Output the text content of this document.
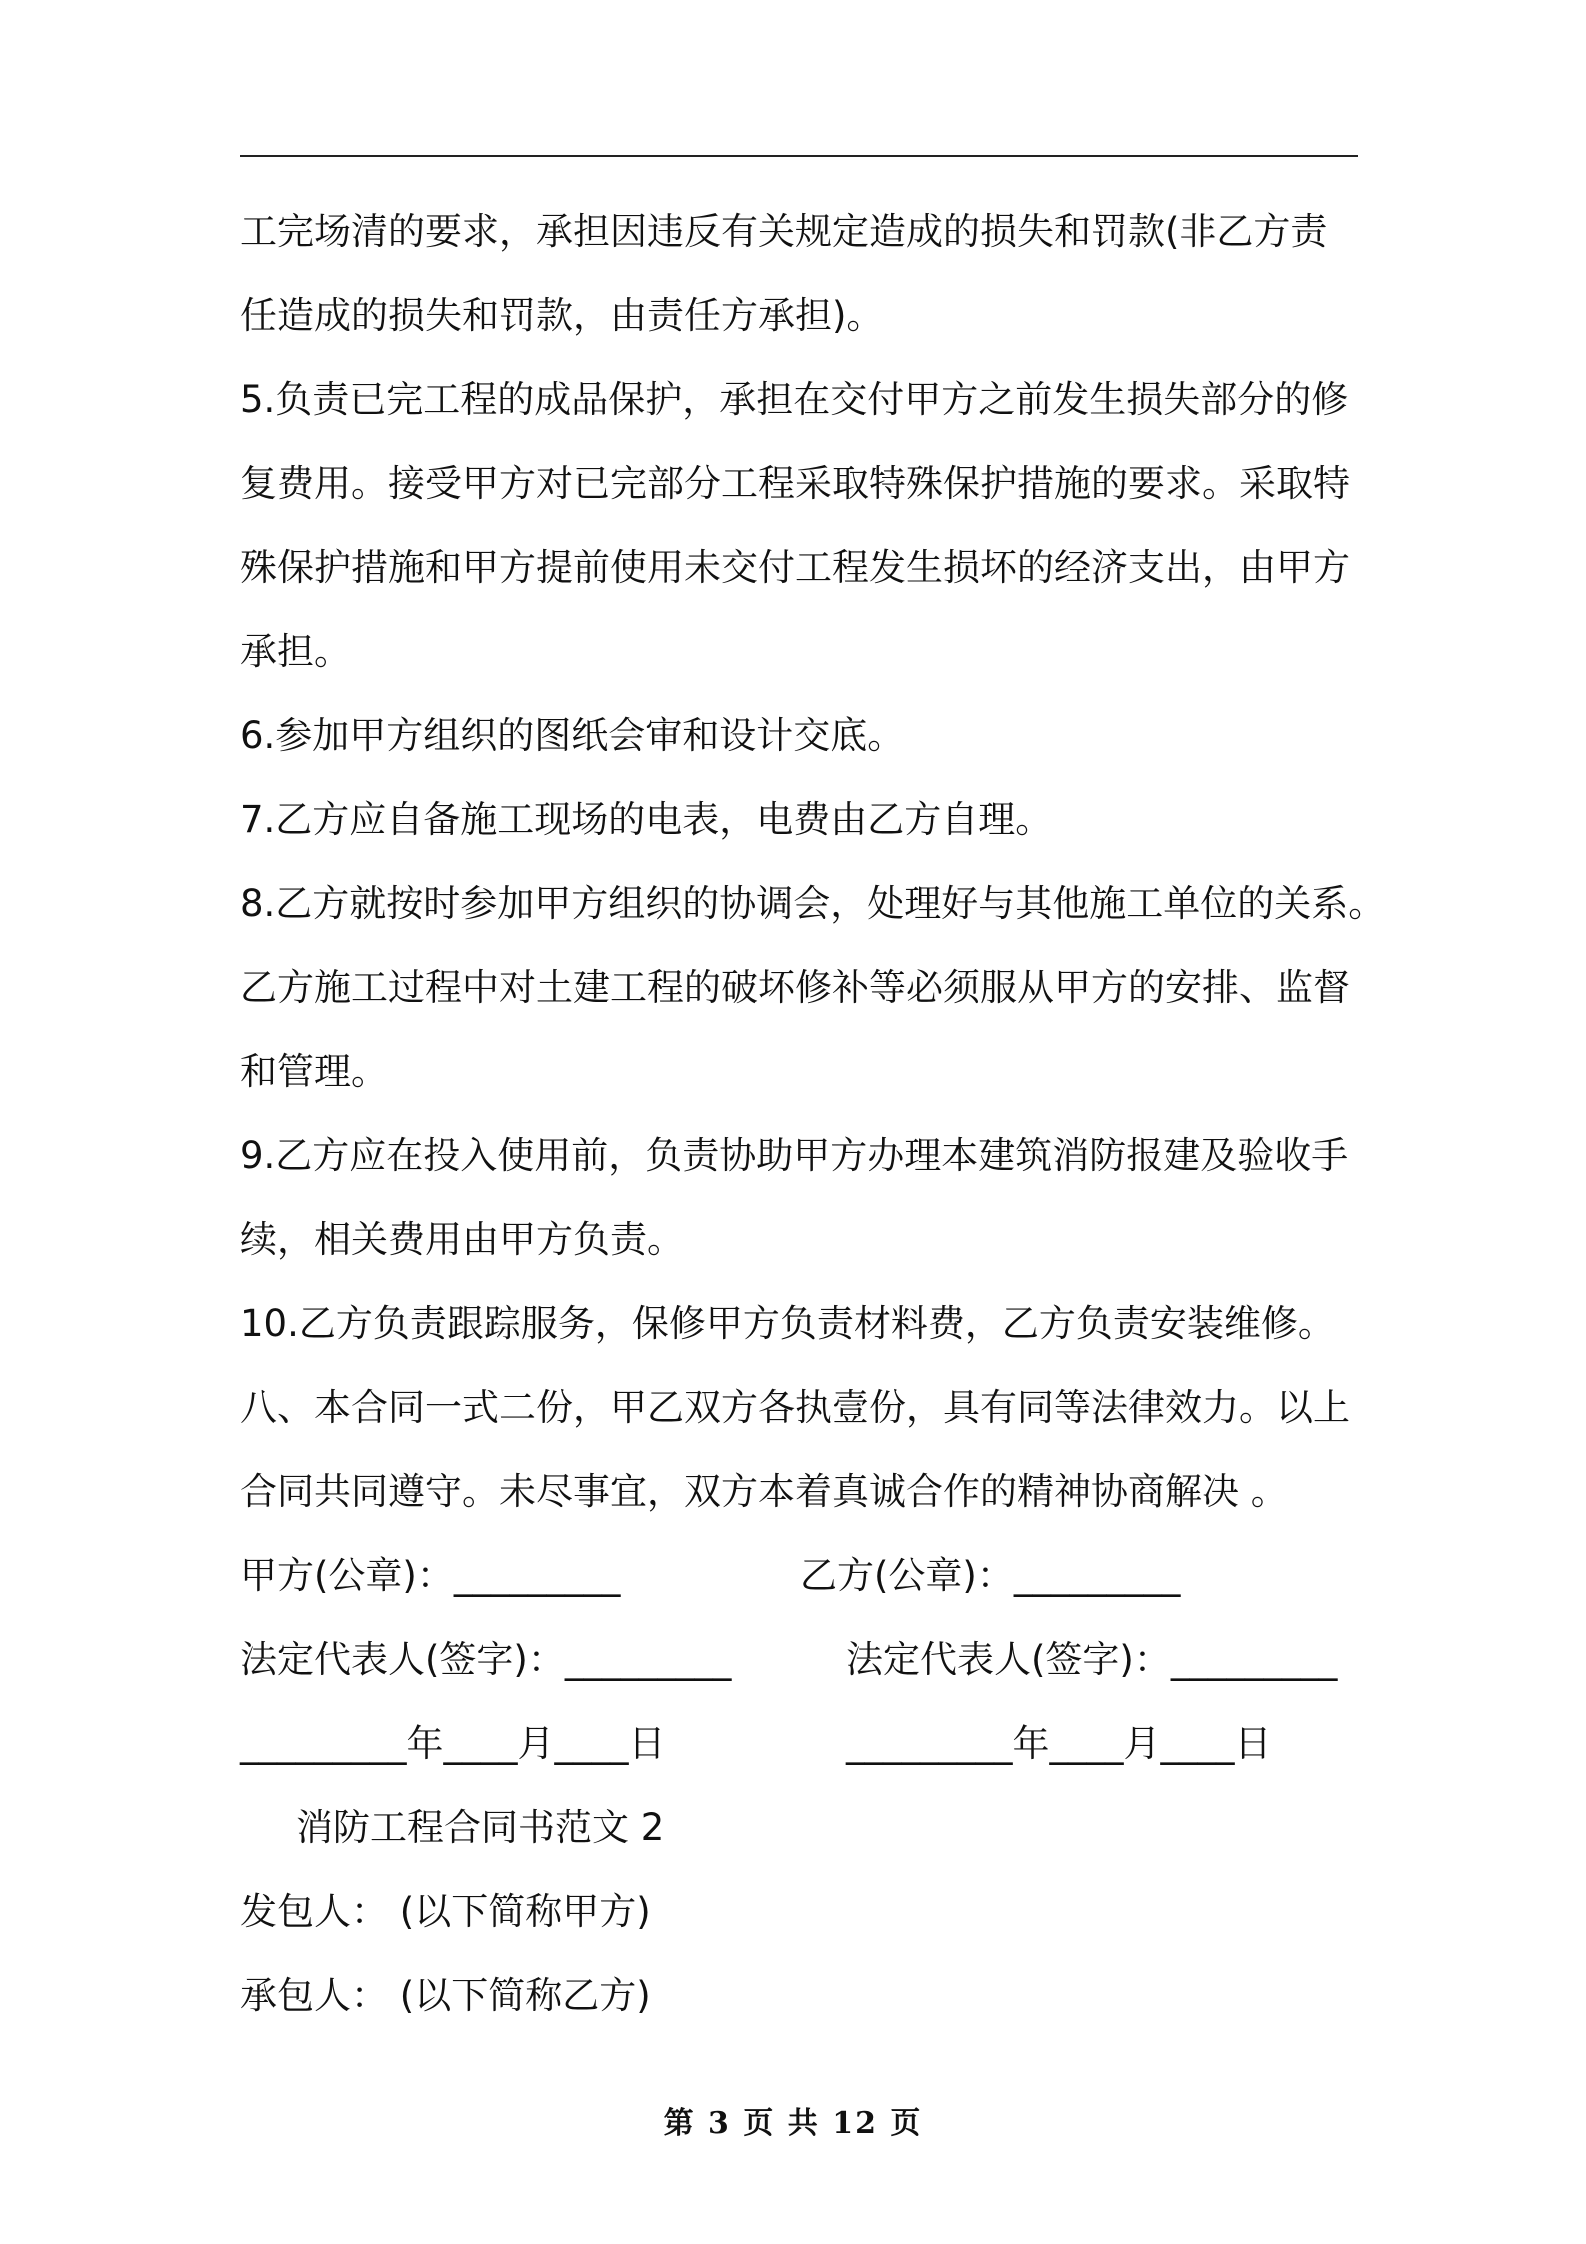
工完场清的要求，承担因违反有关规定造成的损失和罚款(非乙方责

任造成的损失和罚款，由责任方承担)。

5.负责已完工程的成品保护，承担在交付甲方之前发生损失部分的修

复费用。接受甲方对已完部分工程采取特殊保护措施的要求。采取特

殊保护措施和甲方提前使用未交付工程发生损坏的经济支出，由甲方

承担。

6.参加甲方组织的图纸会审和设计交底。

7.乙方应自备施工现场的电表，电费由乙方自理。

8.乙方就按时参加甲方组织的协调会，处理好与其他施工单位的关系。

乙方施工过程中对土建工程的破坏修补等必须服从甲方的安排、监督

和管理。

9.乙方应在投入使用前，负责协助甲方办理本建筑消防报建及验收手

续，相关费用由甲方负责。

10.乙方负责跟踪服务，保修甲方负责材料费，乙方负责安装维修。

八、本合同一式二份，甲乙双方各执壹份，具有同等法律效力。以上

合同共同遵守。未尽事宜，双方本着真诚合作的精神协商解决 。

甲方(公章)：_________	乙方(公章)：_________
法定代表人(签字)：_________	法定代表人(签字)：_________
_________年____月____日	_________年____月____日

消防工程合同书范文 2

发包人： (以下简称甲方)

承包人： (以下简称乙方)

第 3 页 共 12 页
